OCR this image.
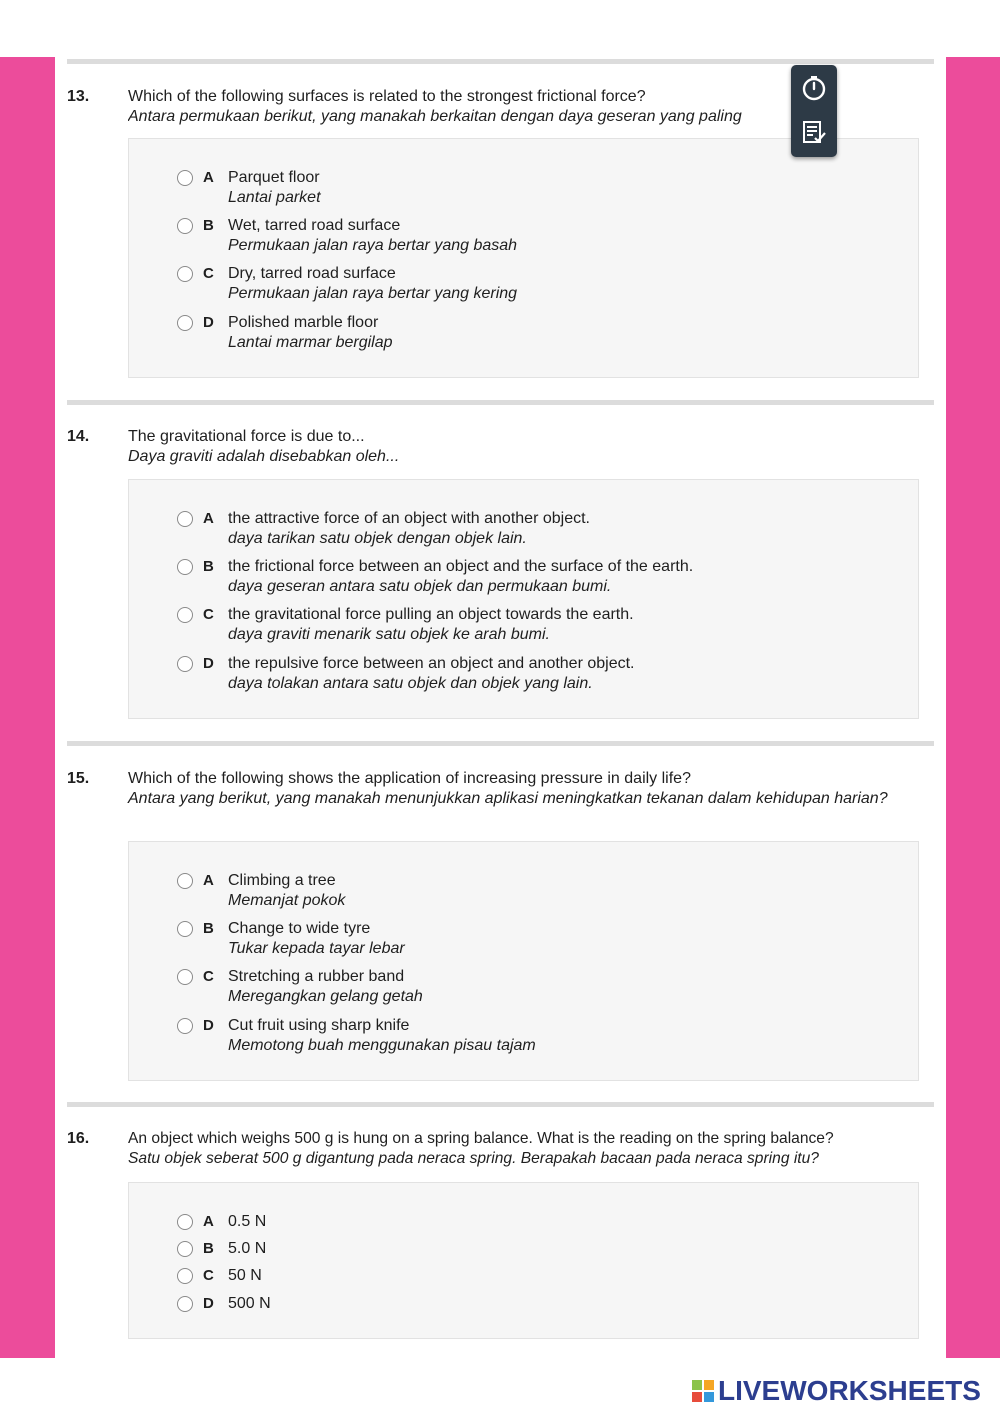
13. Which of the following surfaces is related to the strongest frictional force?
Antara permukaan berikut, yang manakah berkaitan dengan daya geseran yang paling
A Parquet floor
Lantai parket
B Wet, tarred road surface
Permukaan jalan raya bertar yang basah
C Dry, tarred road surface
Permukaan jalan raya bertar yang kering
D Polished marble floor
Lantai marmar bergilap
14. The gravitational force is due to...
Daya graviti adalah disebabkan oleh...
A the attractive force of an object with another object.
daya tarikan satu objek dengan objek lain.
B the frictional force between an object and the surface of the earth.
daya geseran antara satu objek dan permukaan bumi.
C the gravitational force pulling an object towards the earth.
daya graviti menarik satu objek ke arah bumi.
D the repulsive force between an object and another object.
daya tolakan antara satu objek dan objek yang lain.
15. Which of the following shows the application of increasing pressure in daily life?
Antara yang berikut, yang manakah menunjukkan aplikasi meningkatkan tekanan dalam kehidupan harian?
A Climbing a tree
Memanjat pokok
B Change to wide tyre
Tukar kepada tayar lebar
C Stretching a rubber band
Meregangkan gelang getah
D Cut fruit using sharp knife
Memotong buah menggunakan pisau tajam
16. An object which weighs 500 g is hung on a spring balance. What is the reading on the spring balance?
Satu objek seberat 500 g digantung pada neraca spring. Berapakah bacaan pada neraca spring itu?
A 0.5 N
B 5.0 N
C 50 N
D 500 N
LIVEWORKSHEETS
